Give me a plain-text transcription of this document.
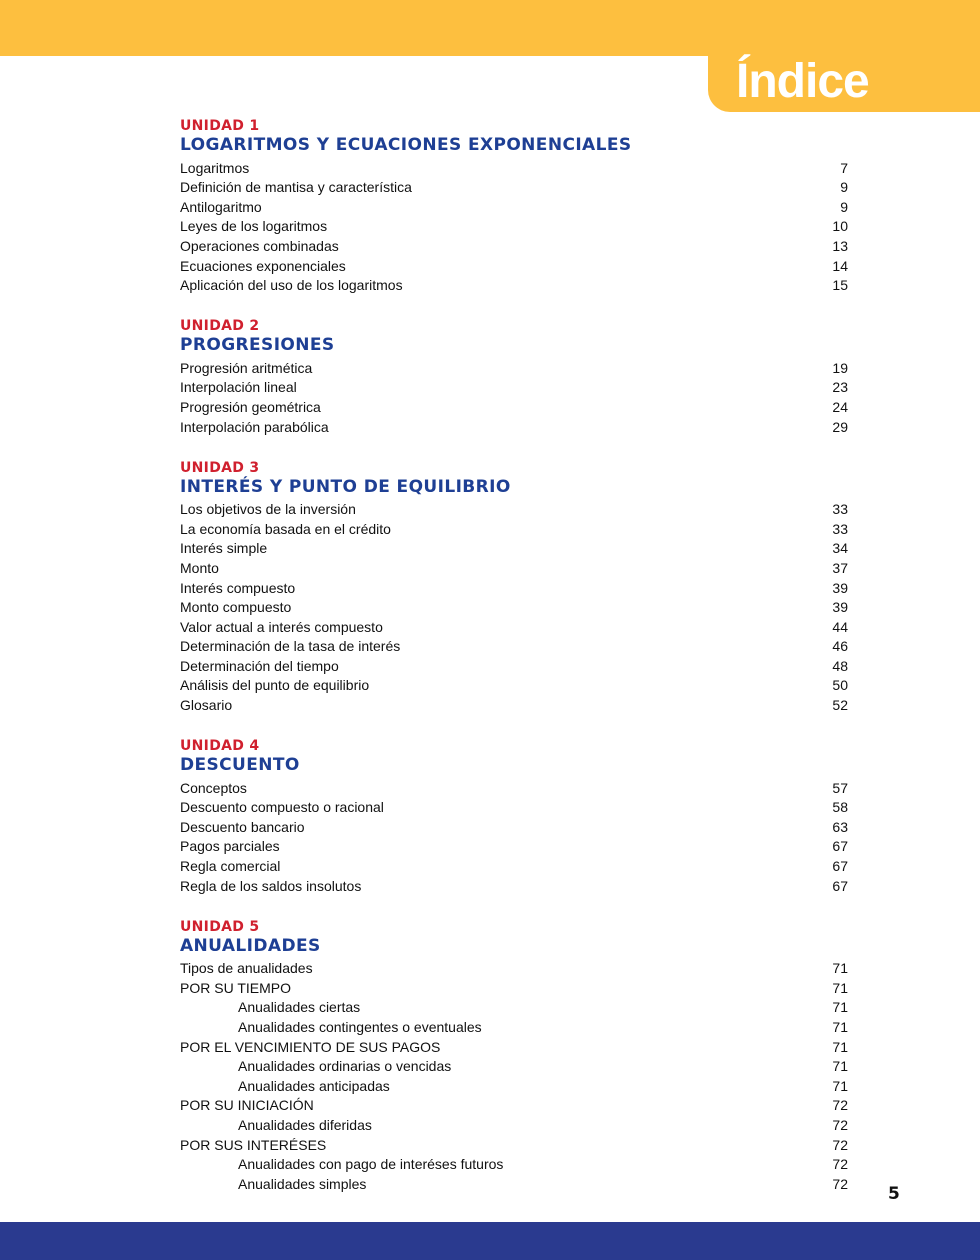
Índice
UNIDAD 1
LOGARITMOS Y ECUACIONES EXPONENCIALES
Logaritmos	7
Definición de mantisa y característica	9
Antilogaritmo	9
Leyes de los logaritmos	10
Operaciones combinadas	13
Ecuaciones exponenciales	14
Aplicación del uso de los logaritmos	15
UNIDAD 2
PROGRESIONES
Progresión aritmética	19
Interpolación lineal	23
Progresión geométrica	24
Interpolación parabólica	29
UNIDAD 3
INTERÉS Y PUNTO DE EQUILIBRIO
Los objetivos de la inversión	33
La economía basada en el crédito	33
Interés simple	34
Monto	37
Interés compuesto	39
Monto compuesto	39
Valor actual a interés compuesto	44
Determinación de la tasa de interés	46
Determinación del tiempo	48
Análisis del punto de equilibrio	50
Glosario	52
UNIDAD 4
DESCUENTO
Conceptos	57
Descuento compuesto o racional	58
Descuento bancario	63
Pagos parciales	67
Regla comercial	67
Regla de los saldos insolutos	67
UNIDAD 5
ANUALIDADES
Tipos de anualidades	71
POR SU TIEMPO	71
Anualidades ciertas	71
Anualidades contingentes o eventuales	71
POR EL VENCIMIENTO DE SUS PAGOS	71
Anualidades ordinarias o vencidas	71
Anualidades anticipadas	71
POR SU INICIACIÓN	72
Anualidades diferidas	72
POR SUS INTERÉSES	72
Anualidades con pago de interéses futuros	72
Anualidades simples	72
5
